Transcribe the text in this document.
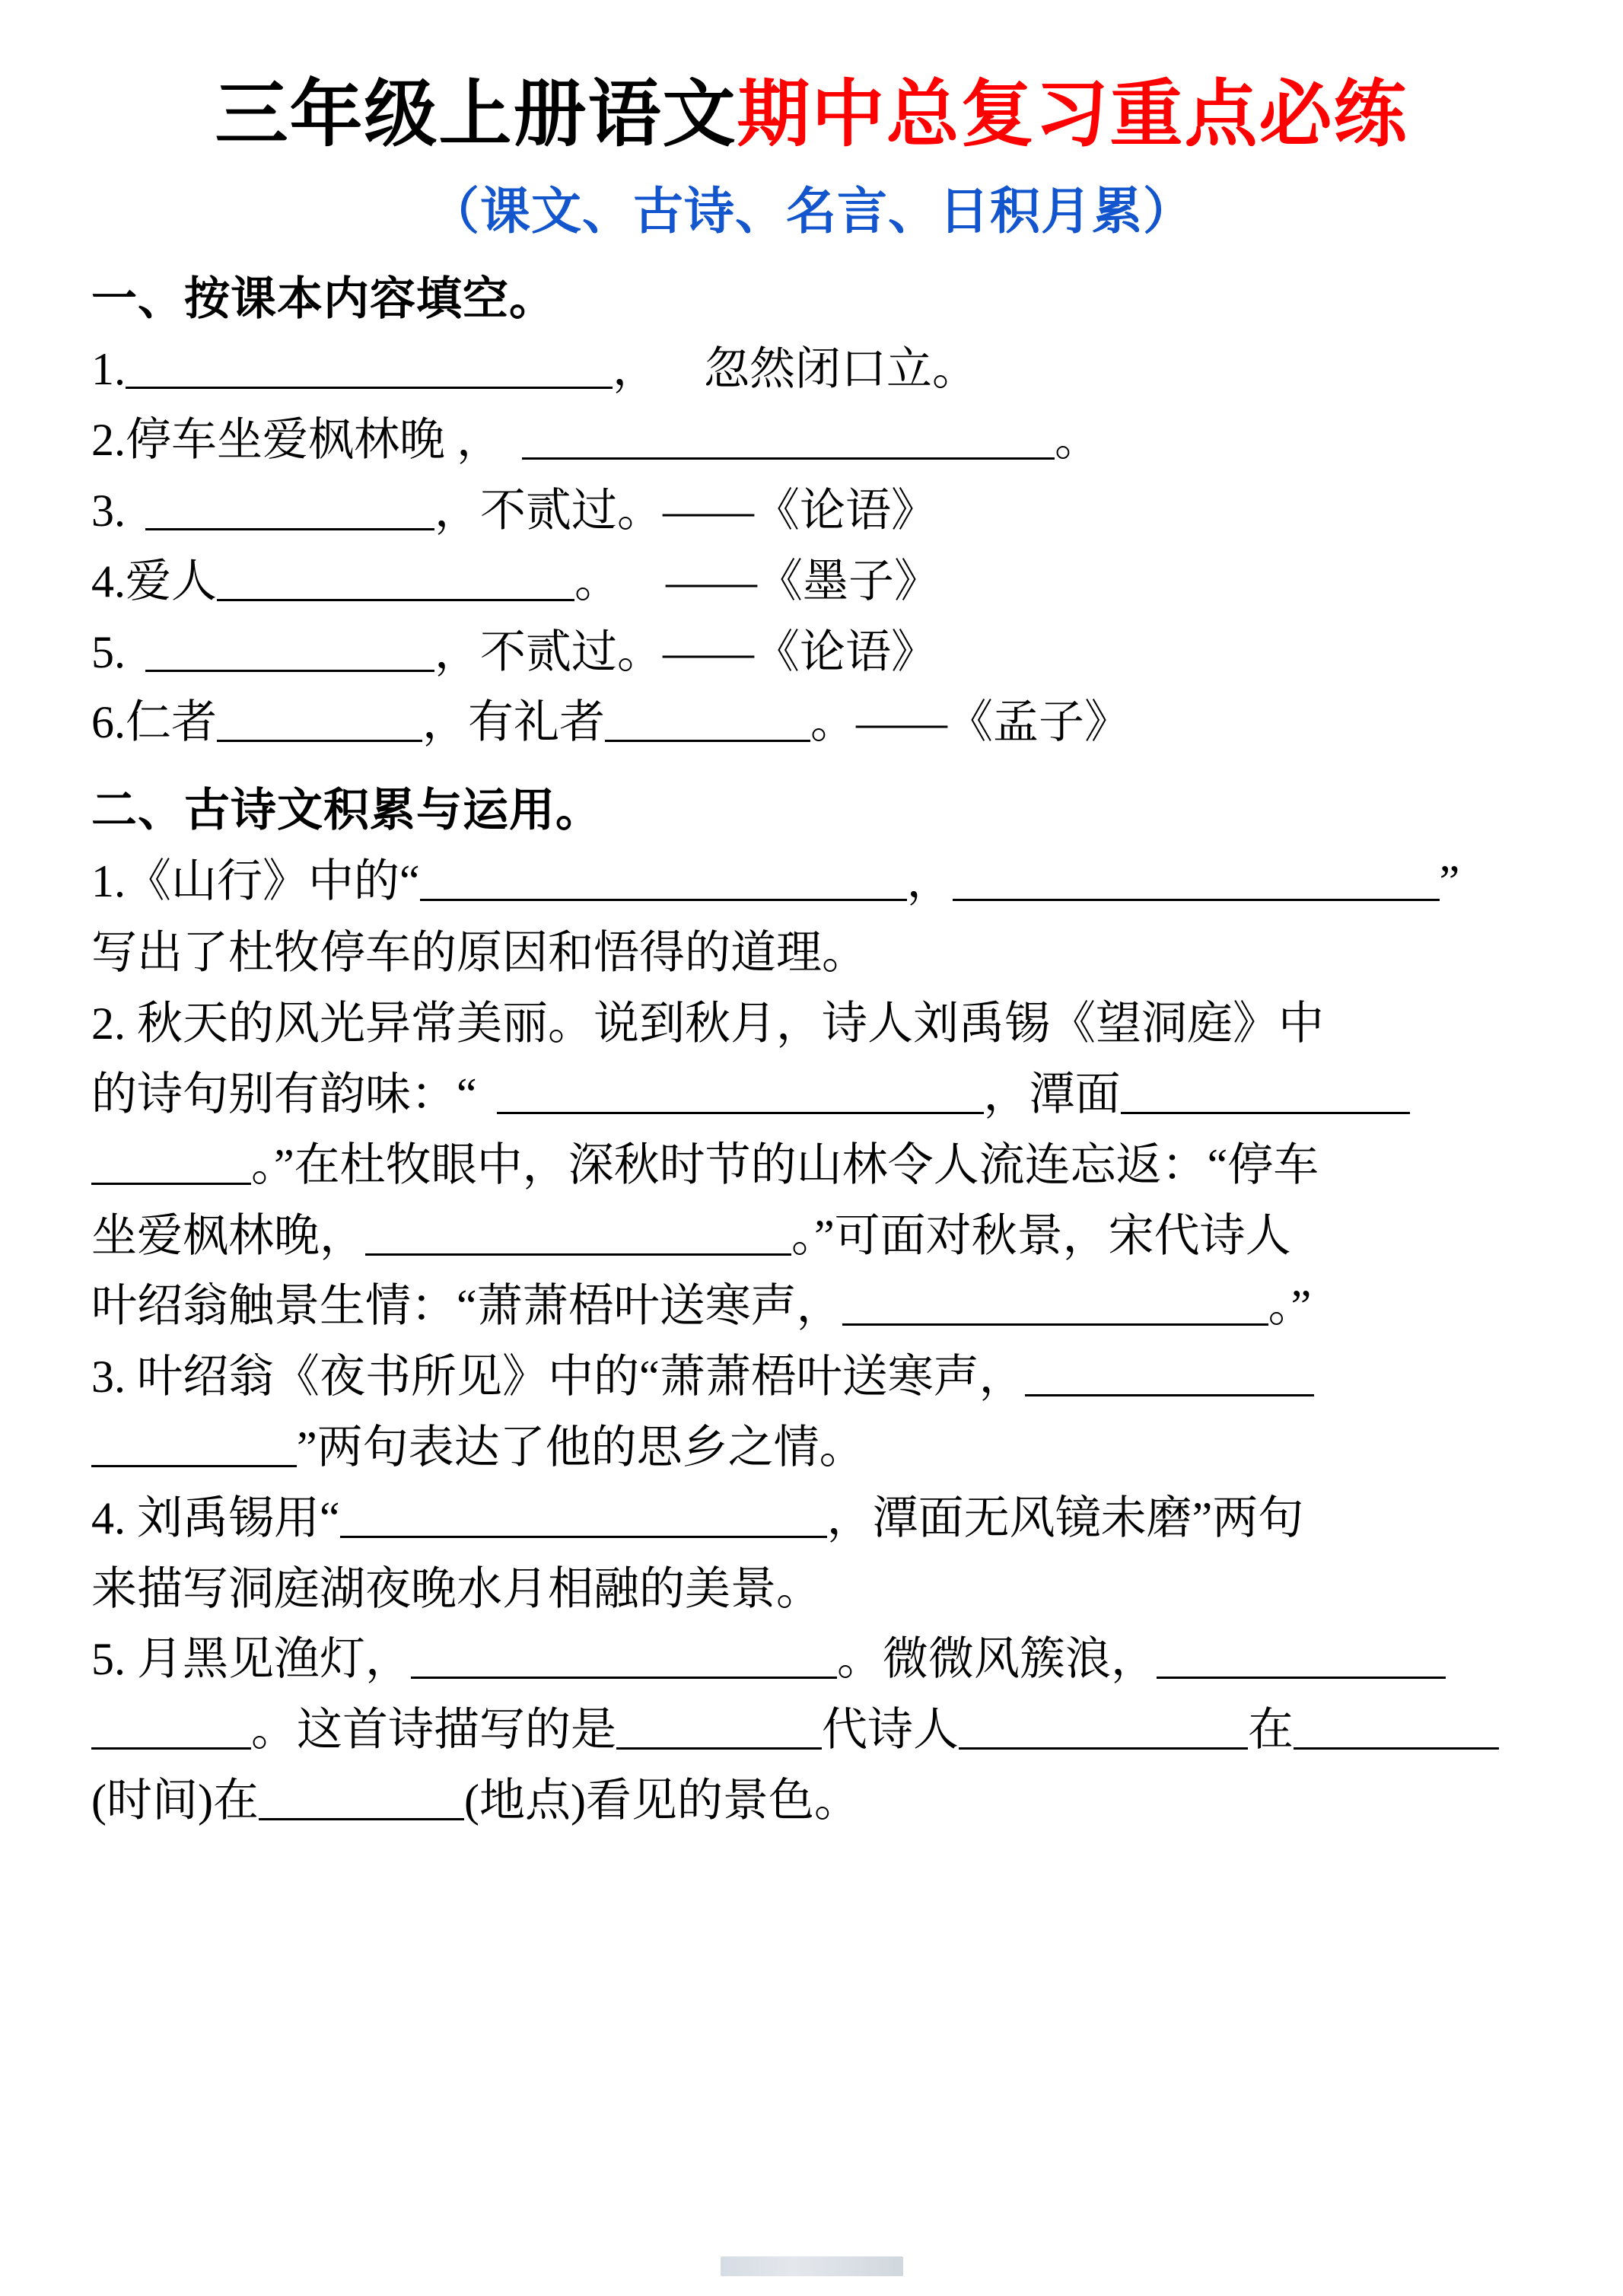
三年级上册语文期中总复习重点必练
（课文、古诗、名言、日积月累）
一、按课本内容填空。
1.	， 忽然闭口立。
2.停车坐爱枫林晚 ，	。
3.	，不贰过。——《论语》
4.爱人	。 ——《墨子》
5.	，不贰过。——《论语》
6.仁者	，有礼者	。——《孟子》
二、古诗文积累与运用。
1.《山行》中的“	，	”
写出了杜牧停车的原因和悟得的道理。
2. 秋天的风光异常美丽。说到秋月，诗人刘禹锡《望洞庭》中
的诗句别有韵味：“	，潭面
。”在杜牧眼中，深秋时节的山林令人流连忘返：“停车
坐爱枫林晚，	。”可面对秋景，宋代诗人
叶绍翁触景生情：“萧萧梧叶送寒声，	。”
3. 叶绍翁《夜书所见》中的“萧萧梧叶送寒声，
”两句表达了他的思乡之情。
4. 刘禹锡用“	，潭面无风镜未磨”两句
来描写洞庭湖夜晚水月相融的美景。
5. 月黑见渔灯，	。微微风簇浪，
。这首诗描写的是	代诗人	在
(时间)在	(地点)看见的景色。
